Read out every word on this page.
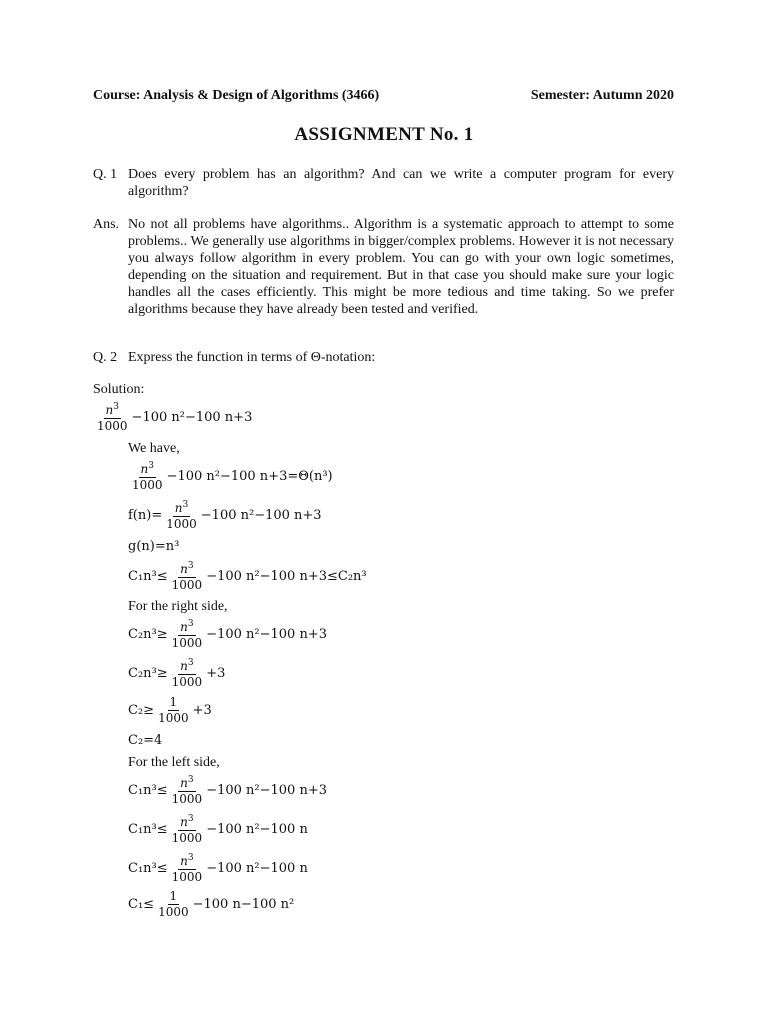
Course: Analysis & Design of Algorithms (3466)	Semester: Autumn 2020
ASSIGNMENT No. 1
Q. 1 Does every problem has an algorithm? And can we write a computer program for every algorithm?
Ans. No not all problems have algorithms.. Algorithm is a systematic approach to attempt to some problems.. We generally use algorithms in bigger/complex problems. However it is not necessary you always follow algorithm in every problem. You can go with your own logic sometimes, depending on the situation and requirement. But in that case you should make sure your logic handles all the cases efficiently. This might be more tedious and time taking. So we prefer algorithms because they have already been tested and verified.
Q. 2 Express the function in terms of Θ-notation:
Solution:
$\frac{n^3}{1000} -100$ n²−100 n+3
We have,
$\frac{n^3}{1000} -100$ n²−100 n+3=Θ(n³)
$f(n)= \frac{n^3}{1000} -100$ n²−100 n+3
g(n)=n³
$C_1n^3\le \frac{n^3}{1000} -100$ n²−100 n+3≤C₂n³
For the right side,
$C_2n^3\ge \frac{n^3}{1000} -100$ n²−100 n+3
$C_2n^3\ge \frac{n^3}{1000} +3$
$C_2\ge \frac{1}{1000} +3$
C₂=4
For the left side,
$C_1n^3\le \frac{n^3}{1000} -100$ n²−100 n+3
$C_1n^3\le \frac{n^3}{1000} -100$ n²−100 n
$C_1n^3\le \frac{n^3}{1000} -100$ n²−100 n
$C_1\le \frac{1}{1000} -100$ n−100 n²
